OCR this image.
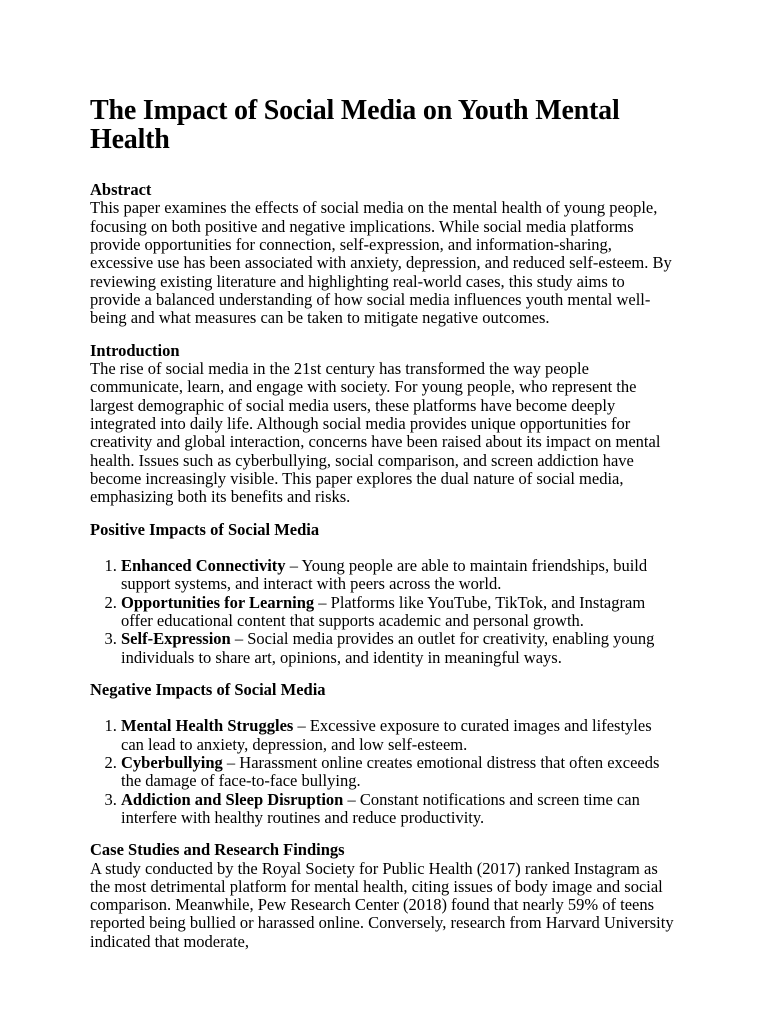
The Impact of Social Media on Youth Mental Health
Abstract

This paper examines the effects of social media on the mental health of young people, focusing on both positive and negative implications. While social media platforms provide opportunities for connection, self-expression, and information-sharing, excessive use has been associated with anxiety, depression, and reduced self-esteem. By reviewing existing literature and highlighting real-world cases, this study aims to provide a balanced understanding of how social media influences youth mental well-being and what measures can be taken to mitigate negative outcomes.

Introduction

The rise of social media in the 21st century has transformed the way people communicate, learn, and engage with society. For young people, who represent the largest demographic of social media users, these platforms have become deeply integrated into daily life. Although social media provides unique opportunities for creativity and global interaction, concerns have been raised about its impact on mental health. Issues such as cyberbullying, social comparison, and screen addiction have become increasingly visible. This paper explores the dual nature of social media, emphasizing both its benefits and risks.

Positive Impacts of Social Media
1. Enhanced Connectivity – Young people are able to maintain friendships, build support systems, and interact with peers across the world.
2. Opportunities for Learning – Platforms like YouTube, TikTok, and Instagram offer educational content that supports academic and personal growth.
3. Self-Expression – Social media provides an outlet for creativity, enabling young individuals to share art, opinions, and identity in meaningful ways.
Negative Impacts of Social Media
1. Mental Health Struggles – Excessive exposure to curated images and lifestyles can lead to anxiety, depression, and low self-esteem.
2. Cyberbullying – Harassment online creates emotional distress that often exceeds the damage of face-to-face bullying.
3. Addiction and Sleep Disruption – Constant notifications and screen time can interfere with healthy routines and reduce productivity.
Case Studies and Research Findings

A study conducted by the Royal Society for Public Health (2017) ranked Instagram as the most detrimental platform for mental health, citing issues of body image and social comparison. Meanwhile, Pew Research Center (2018) found that nearly 59% of teens reported being bullied or harassed online. Conversely, research from Harvard University indicated that moderate,
